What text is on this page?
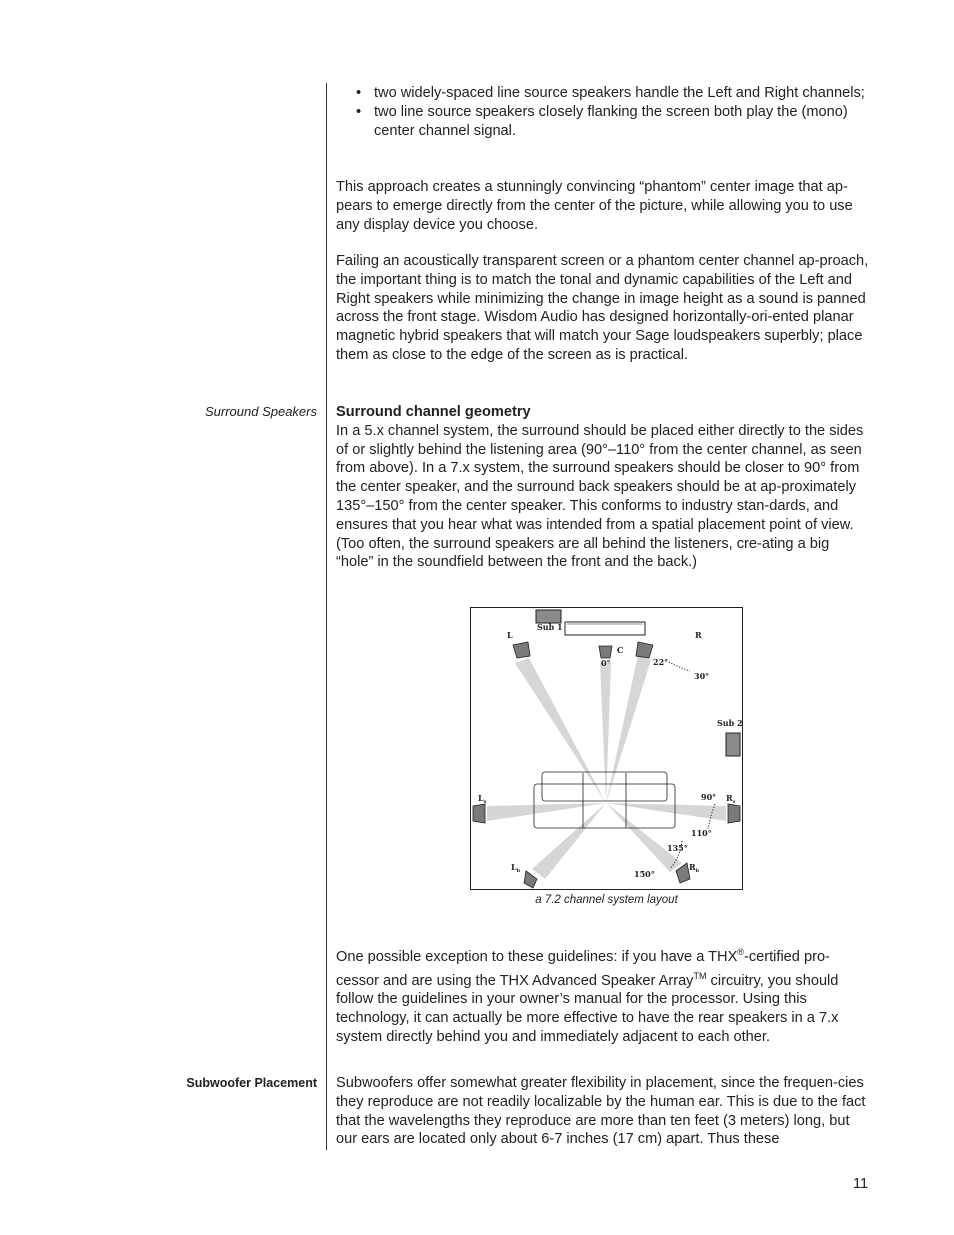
• two widely-spaced line source speakers handle the Left and Right channels;
• two line source speakers closely flanking the screen both play the (mono) center channel signal.

This approach creates a stunningly convincing “phantom” center image that ap-pears to emerge directly from the center of the picture, while allowing you to use any display device you choose.

Failing an acoustically transparent screen or a phantom center channel ap-proach, the important thing is to match the tonal and dynamic capabilities of the Left and Right speakers while minimizing the change in image height as a sound is panned across the front stage. Wisdom Audio has designed horizontally-ori-ented planar magnetic hybrid speakers that will match your Sage loudspeakers superbly; place them as close to the edge of the screen as is practical.

Surround Speakers Surround channel geometry

In a 5.x channel system, the surround should be placed either directly to the sides of or slightly behind the listening area (90°–110° from the center channel, as seen from above). In a 7.x system, the surround speakers should be closer to 90° from the center speaker, and the surround back speakers should be at ap-proximately 135°–150° from the center speaker. This conforms to industry stan-dards, and ensures that you hear what was intended from a spatial placement point of view. (Too often, the surround speakers are all behind the listeners, cre-ating a big “hole” in the soundfield between the front and the back.)

Sub 1
Sub 2
L
C
R
0°	22°
30°
$L_s$	$R_s$
$L_b$	$R_b$
90°
110°
135°
150°
a 7.2 channel system layout

One possible exception to these guidelines: if you have a THX®-certified pro-cessor and are using the THX Advanced Speaker Array™ circuitry, you should follow the guidelines in your owner’s manual for the processor. Using this technology, it can actually be more effective to have the rear speakers in a 7.x system directly behind you and immediately adjacent to each other.

Subwoofer Placement Subwoofers offer somewhat greater flexibility in placement, since the frequen-cies they reproduce are not readily localizable by the human ear. This is due to the fact that the wavelengths they reproduce are more than ten feet (3 meters) long, but our ears are located only about 6-7 inches (17 cm) apart. Thus these

11
